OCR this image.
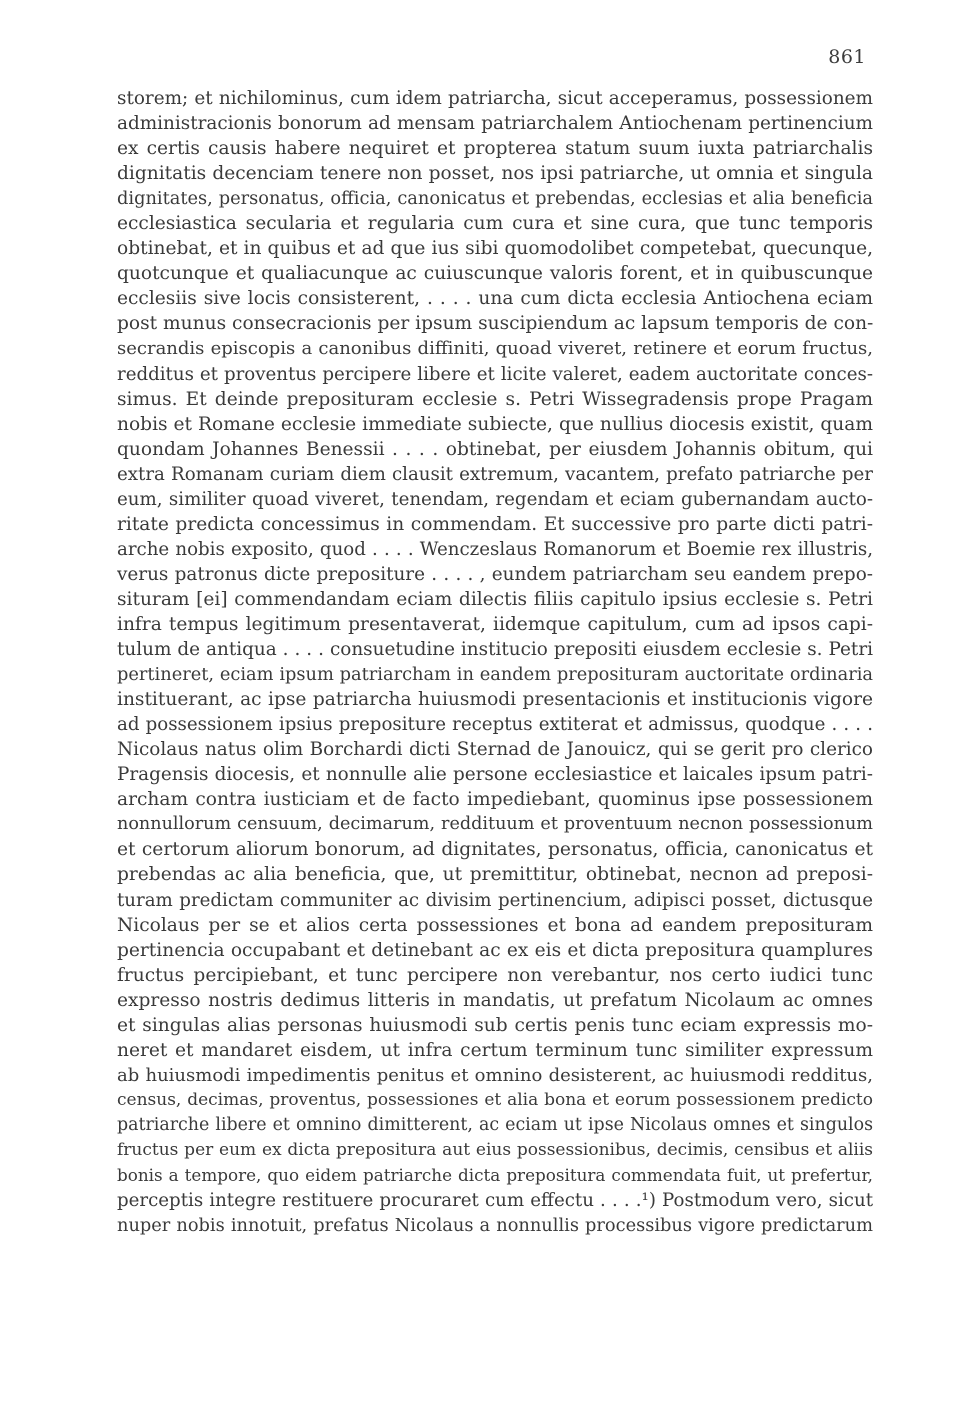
861
storem; et nichilominus, cum idem patriarcha, sicut acceperamus, possessionem
administracionis bonorum ad mensam patriarchalem Antiochenam pertinencium
ex certis causis habere nequiret et propterea statum suum iuxta patriarchalis
dignitatis decenciam tenere non posset, nos ipsi patriarche, ut omnia et singula
dignitates, personatus, officia, canonicatus et prebendas, ecclesias et alia beneficia
ecclesiastica secularia et regularia cum cura et sine cura, que tunc temporis
obtinebat, et in quibus et ad que ius sibi quomodolibet competebat, quecunque,
quotcunque et qualiacunque ac cuiuscunque valoris forent, et in quibuscunque
ecclesiis sive locis consisterent, . . . . una cum dicta ecclesia Antiochena eciam
post munus consecracionis per ipsum suscipiendum ac lapsum temporis de con-
secrandis episcopis a canonibus diffiniti, quoad viveret, retinere et eorum fructus,
redditus et proventus percipere libere et licite valeret, eadem auctoritate conces-
simus. Et deinde preposituram ecclesie s. Petri Wissegradensis prope Pragam
nobis et Romane ecclesie immediate subiecte, que nullius diocesis existit, quam
quondam Johannes Benessii . . . . obtinebat, per eiusdem Johannis obitum, qui
extra Romanam curiam diem clausit extremum, vacantem, prefato patriarche per
eum, similiter quoad viveret, tenendam, regendam et eciam gubernandam aucto-
ritate predicta concessimus in commendam. Et successive pro parte dicti patri-
arche nobis exposito, quod . . . . Wenczeslaus Romanorum et Boemie rex illustris,
verus patronus dicte prepositure . . . . , eundem patriarcham seu eandem prepo-
situram [ei] commendandam eciam dilectis filiis capitulo ipsius ecclesie s. Petri
infra tempus legitimum presentaverat, iidemque capitulum, cum ad ipsos capi-
tulum de antiqua . . . . consuetudine institucio prepositi eiusdem ecclesie s. Petri
pertineret, eciam ipsum patriarcham in eandem preposituram auctoritate ordinaria
instituerant, ac ipse patriarcha huiusmodi presentacionis et institucionis vigore
ad possessionem ipsius prepositure receptus extiterat et admissus, quodque . . . .
Nicolaus natus olim Borchardi dicti Sternad de Janouicz, qui se gerit pro clerico
Pragensis diocesis, et nonnulle alie persone ecclesiastice et laicales ipsum patri-
archam contra iusticiam et de facto impediebant, quominus ipse possessionem
nonnullorum censuum, decimarum, reddituum et proventuum necnon possessionum
et certorum aliorum bonorum, ad dignitates, personatus, officia, canonicatus et
prebendas ac alia beneficia, que, ut premittitur, obtinebat, necnon ad preposi-
turam predictam communiter ac divisim pertinencium, adipisci posset, dictusque
Nicolaus per se et alios certa possessiones et bona ad eandem preposituram
pertinencia occupabant et detinebant ac ex eis et dicta prepositura quamplures
fructus percipiebant, et tunc percipere non verebantur, nos certo iudici tunc
expresso nostris dedimus litteris in mandatis, ut prefatum Nicolaum ac omnes
et singulas alias personas huiusmodi sub certis penis tunc eciam expressis mo-
neret et mandaret eisdem, ut infra certum terminum tunc similiter expressum
ab huiusmodi impedimentis penitus et omnino desisterent, ac huiusmodi redditus,
census, decimas, proventus, possessiones et alia bona et eorum possessionem predicto
patriarche libere et omnino dimitterent, ac eciam ut ipse Nicolaus omnes et singulos
fructus per eum ex dicta prepositura aut eius possessionibus, decimis, censibus et aliis
bonis a tempore, quo eidem patriarche dicta prepositura commendata fuit, ut prefertur,
perceptis integre restituere procuraret cum effectu . . . .¹) Postmodum vero, sicut
nuper nobis innotuit, prefatus Nicolaus a nonnullis processibus vigore predictarum
